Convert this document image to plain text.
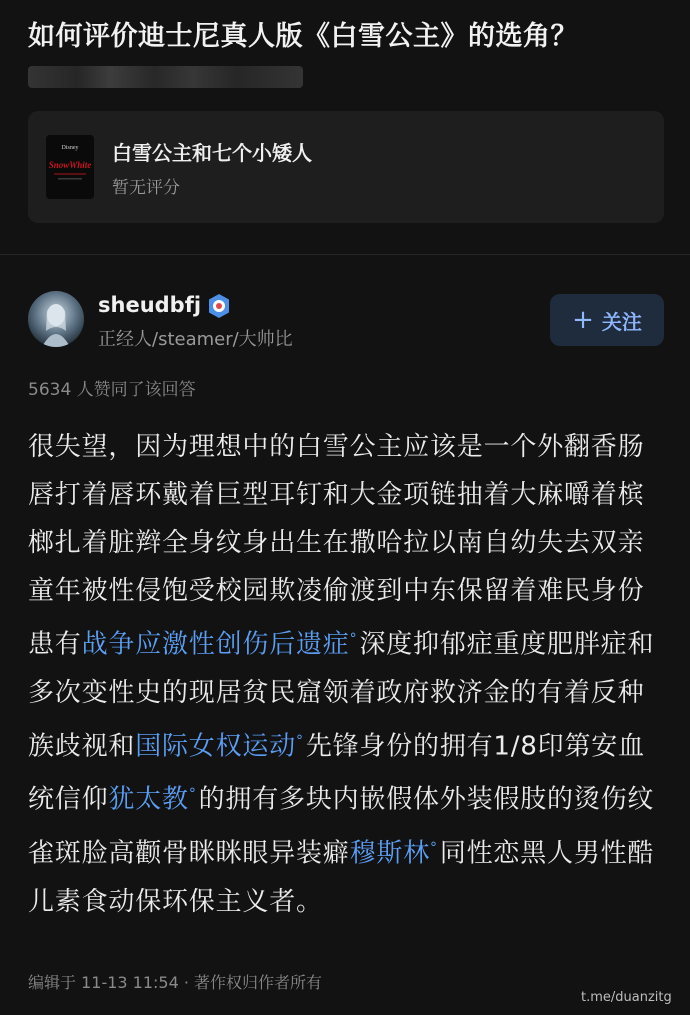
如何评价迪士尼真人版《白雪公主》的选角？
Disney
SnowWhite 白雪公主和七个小矮人
暂无评分
sheudbfj
正经人/steamer/大帅比
+ 关注
5634 人赞同了该回答
很失望，因为理想中的白雪公主应该是一个外翻香肠唇打着唇环戴着巨型耳钉和大金项链抽着大麻嚼着槟榔扎着脏辫全身纹身出生在撒哈拉以南自幼失去双亲童年被性侵饱受校园欺凌偷渡到中东保留着难民身份患有战争应激性创伤后遗症°深度抑郁症重度肥胖症和多次变性史的现居贫民窟领着政府救济金的有着反种族歧视和国际女权运动°先锋身份的拥有1/8印第安血统信仰犹太教°的拥有多块内嵌假体外装假肢的烫伤纹雀斑脸高颧骨眯眯眼异装癖穆斯林°同性恋黑人男性酷儿素食动保环保主义者。
编辑于 11-13 11:54 · 著作权归作者所有
t.me/duanzitg
